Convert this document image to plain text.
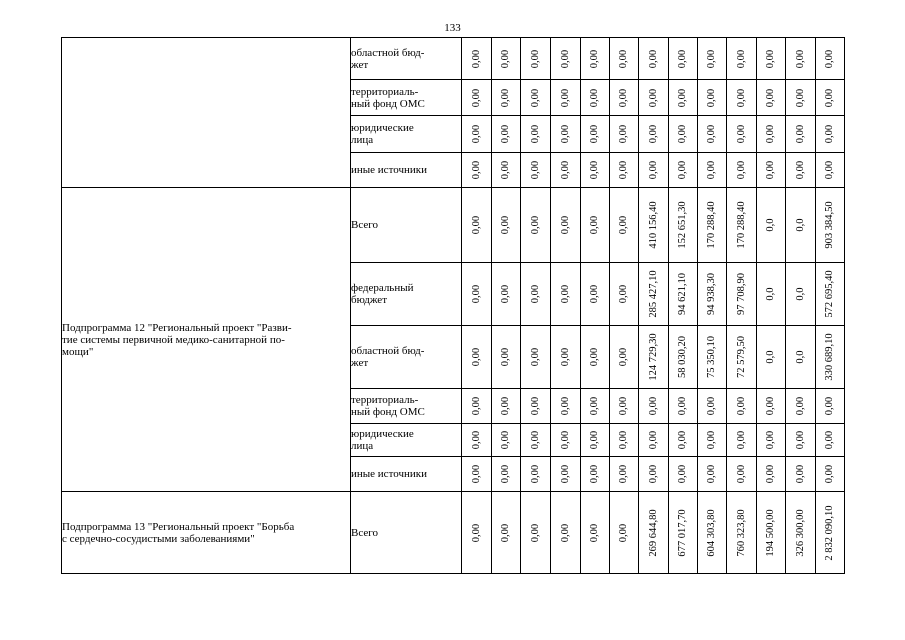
133
	областной бюд-
жет	0,00	0,00	0,00	0,00	0,00	0,00	0,00	0,00	0,00	0,00	0,00	0,00	0,00

	территориаль-
ный фонд ОМС	0,00	0,00	0,00	0,00	0,00	0,00	0,00	0,00	0,00	0,00	0,00	0,00	0,00

	юридические
лица	0,00	0,00	0,00	0,00	0,00	0,00	0,00	0,00	0,00	0,00	0,00	0,00	0,00

	иные источники	0,00	0,00	0,00	0,00	0,00	0,00	0,00	0,00	0,00	0,00	0,00	0,00	0,00

Подпрограмма 12 "Региональный проект "Разви-
тие системы первичной медико-санитарной по-
мощи"	Всего	0,00	0,00	0,00	0,00	0,00	0,00	410 156,40	152 651,30	170 288,40	170 288,40	0,0	0,0	903 384,50

	федеральный
бюджет	0,00	0,00	0,00	0,00	0,00	0,00	285 427,10	94 621,10	94 938,30	97 708,90	0,0	0,0	572 695,40

	областной бюд-
жет	0,00	0,00	0,00	0,00	0,00	0,00	124 729,30	58 030,20	75 350,10	72 579,50	0,0	0,0	330 689,10

	территориаль-
ный фонд ОМС	0,00	0,00	0,00	0,00	0,00	0,00	0,00	0,00	0,00	0,00	0,00	0,00	0,00

	юридические
лица	0,00	0,00	0,00	0,00	0,00	0,00	0,00	0,00	0,00	0,00	0,00	0,00	0,00

	иные источники	0,00	0,00	0,00	0,00	0,00	0,00	0,00	0,00	0,00	0,00	0,00	0,00	0,00

Подпрограмма 13 "Региональный проект "Борьба
с сердечно-сосудистыми заболеваниями"	Всего	0,00	0,00	0,00	0,00	0,00	0,00	269 644,80	677 017,70	604 303,80	760 323,80	194 500,00	326 300,00	2 832 090,10
